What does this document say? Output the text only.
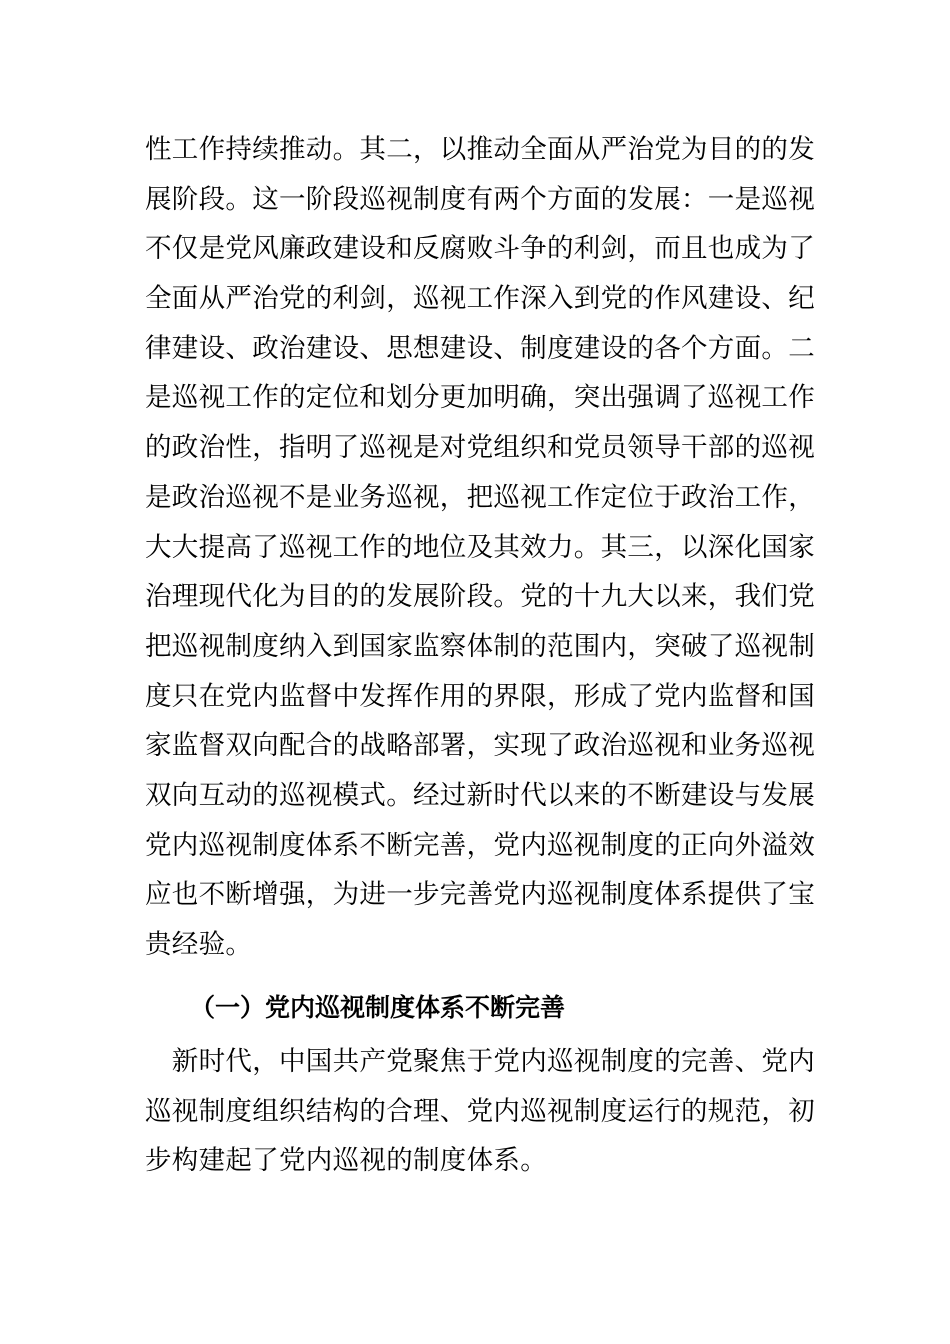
性工作持续推动。其二，以推动全面从严治党为目的的发
展阶段。这一阶段巡视制度有两个方面的发展：一是巡视
不仅是党风廉政建设和反腐败斗争的利剑，而且也成为了
全面从严治党的利剑，巡视工作深入到党的作风建设、纪
律建设、政治建设、思想建设、制度建设的各个方面。二
是巡视工作的定位和划分更加明确，突出强调了巡视工作
的政治性，指明了巡视是对党组织和党员领导干部的巡视
是政治巡视不是业务巡视，把巡视工作定位于政治工作，
大大提高了巡视工作的地位及其效力。其三，以深化国家
治理现代化为目的的发展阶段。党的十九大以来，我们党
把巡视制度纳入到国家监察体制的范围内，突破了巡视制
度只在党内监督中发挥作用的界限，形成了党内监督和国
家监督双向配合的战略部署，实现了政治巡视和业务巡视
双向互动的巡视模式。经过新时代以来的不断建设与发展
党内巡视制度体系不断完善，党内巡视制度的正向外溢效
应也不断增强，为进一步完善党内巡视制度体系提供了宝
贵经验。
（一）党内巡视制度体系不断完善
　新时代，中国共产党聚焦于党内巡视制度的完善、党内
巡视制度组织结构的合理、党内巡视制度运行的规范，初
步构建起了党内巡视的制度体系。
